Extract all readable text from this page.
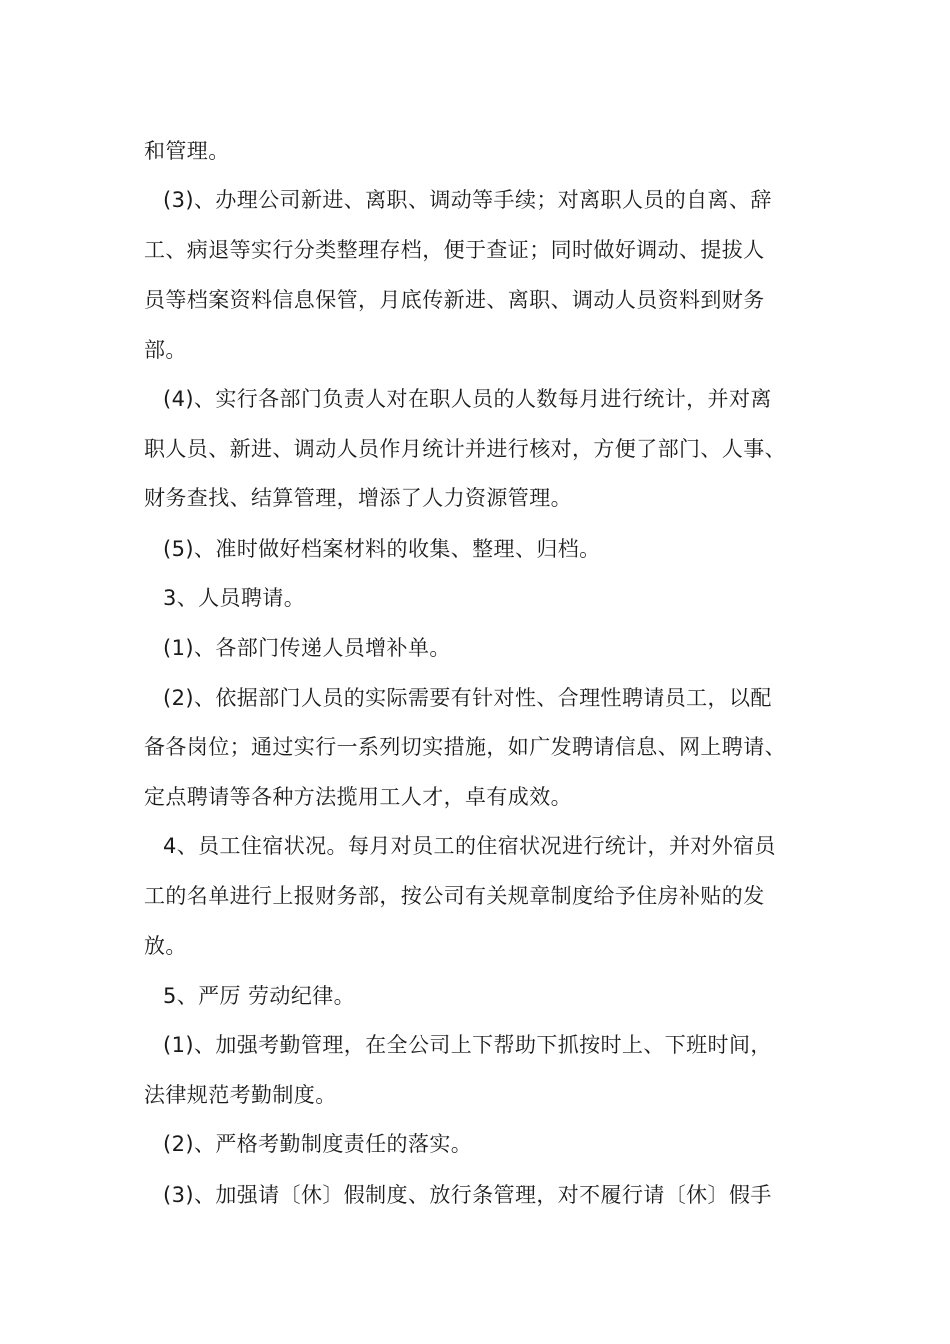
和管理。
(3)、办理公司新进、离职、调动等手续；对离职人员的自离、辞
工、病退等实行分类整理存档，便于查证；同时做好调动、提拔人
员等档案资料信息保管，月底传新进、离职、调动人员资料到财务
部。
(4)、实行各部门负责人对在职人员的人数每月进行统计，并对离
职人员、新进、调动人员作月统计并进行核对，方便了部门、人事、
财务查找、结算管理，增添了人力资源管理。
(5)、准时做好档案材料的收集、整理、归档。
3、人员聘请。
(1)、各部门传递人员增补单。
(2)、依据部门人员的实际需要有针对性、合理性聘请员工，以配
备各岗位；通过实行一系列切实措施，如广发聘请信息、网上聘请、
定点聘请等各种方法揽用工人才，卓有成效。
4、员工住宿状况。每月对员工的住宿状况进行统计，并对外宿员
工的名单进行上报财务部，按公司有关规章制度给予住房补贴的发
放。
5、严厉 劳动纪律。
(1)、加强考勤管理，在全公司上下帮助下抓按时上、下班时间，
法律规范考勤制度。
(2)、严格考勤制度责任的落实。
(3)、加强请〔休〕假制度、放行条管理，对不履行请〔休〕假手
